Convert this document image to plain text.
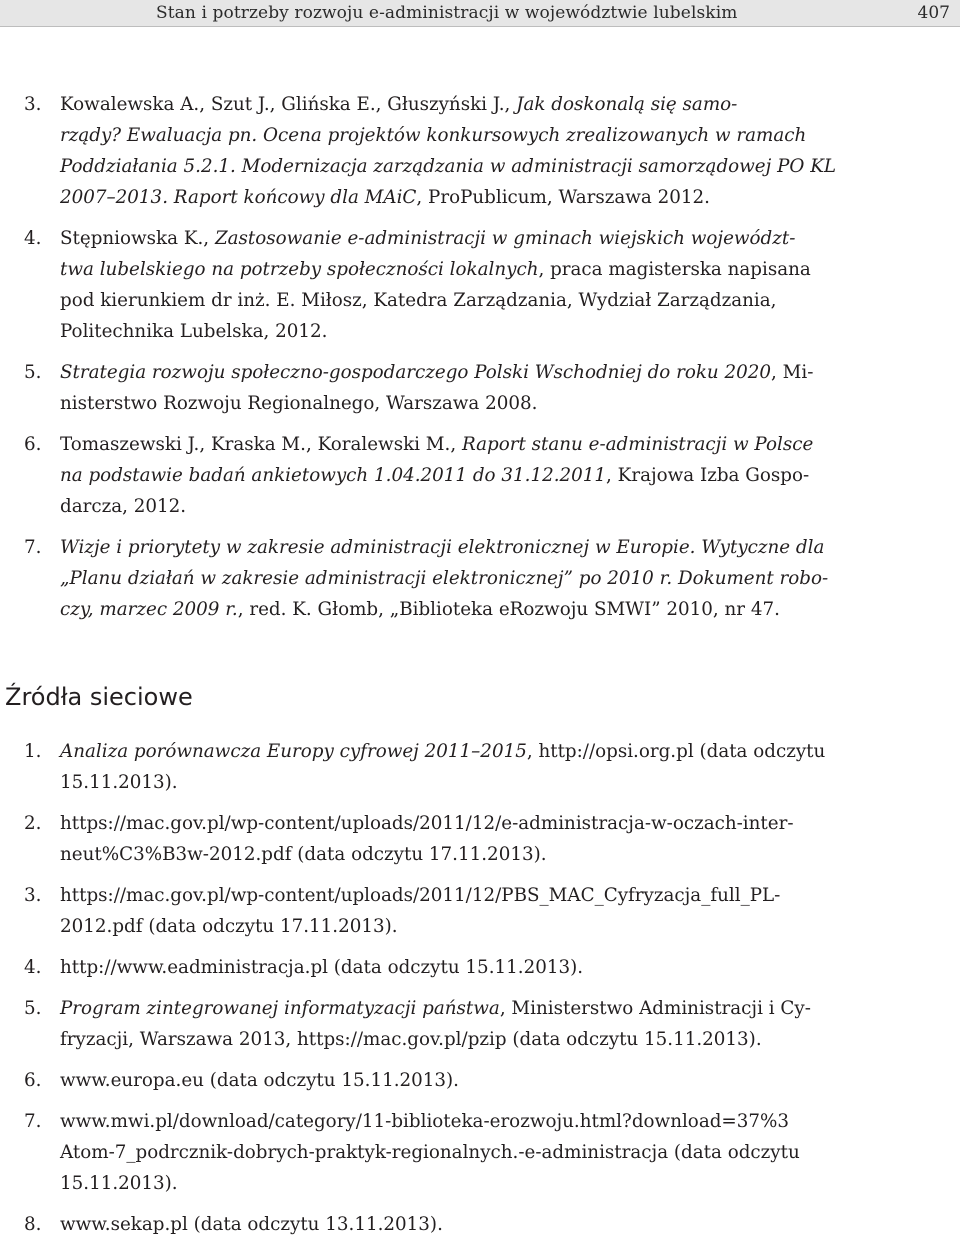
Stan i potrzeby rozwoju e-administracji w województwie lubelskim	407
3. Kowalewska A., Szut J., Glińska E., Głuszyński J., Jak doskonalą się samo-
rządy? Ewaluacja pn. Ocena projektów konkursowych zrealizowanych w ramach
Poddziałania 5.2.1. Modernizacja zarządzania w administracji samorządowej PO KL
2007–2013. Raport końcowy dla MAiC, ProPublicum, Warszawa 2012.
4. Stępniowska K., Zastosowanie e-administracji w gminach wiejskich województ-
twa lubelskiego na potrzeby społeczności lokalnych, praca magisterska napisana
pod kierunkiem dr inż. E. Miłosz, Katedra Zarządzania, Wydział Zarządzania,
Politechnika Lubelska, 2012.
5. Strategia rozwoju społeczno-gospodarczego Polski Wschodniej do roku 2020, Mi-
nisterstwo Rozwoju Regionalnego, Warszawa 2008.
6. Tomaszewski J., Kraska M., Koralewski M., Raport stanu e-administracji w Polsce
na podstawie badań ankietowych 1.04.2011 do 31.12.2011, Krajowa Izba Gospo-
darcza, 2012.
7. Wizje i priorytety w zakresie administracji elektronicznej w Europie. Wytyczne dla
„Planu działań w zakresie administracji elektronicznej” po 2010 r. Dokument robo-
czy, marzec 2009 r., red. K. Głomb, „Biblioteka eRozwoju SMWI” 2010, nr 47.
Źródła sieciowe
1. Analiza porównawcza Europy cyfrowej 2011–2015, http://opsi.org.pl (data odczytu
15.11.2013).
2. https://mac.gov.pl/wp-content/uploads/2011/12/e-administracja-w-oczach-inter-
neut%C3%B3w-2012.pdf (data odczytu 17.11.2013).
3. https://mac.gov.pl/wp-content/uploads/2011/12/PBS_MAC_Cyfryzacja_full_PL-
2012.pdf (data odczytu 17.11.2013).
4. http://www.eadministracja.pl (data odczytu 15.11.2013).
5. Program zintegrowanej informatyzacji państwa, Ministerstwo Administracji i Cy-
fryzacji, Warszawa 2013, https://mac.gov.pl/pzip (data odczytu 15.11.2013).
6. www.europa.eu (data odczytu 15.11.2013).
7. www.mwi.pl/download/category/11-biblioteka-erozwoju.html?download=37%3
Atom-7_podrcznik-dobrych-praktyk-regionalnych.-e-administracja (data odczytu
15.11.2013).
8. www.sekap.pl (data odczytu 13.11.2013).
